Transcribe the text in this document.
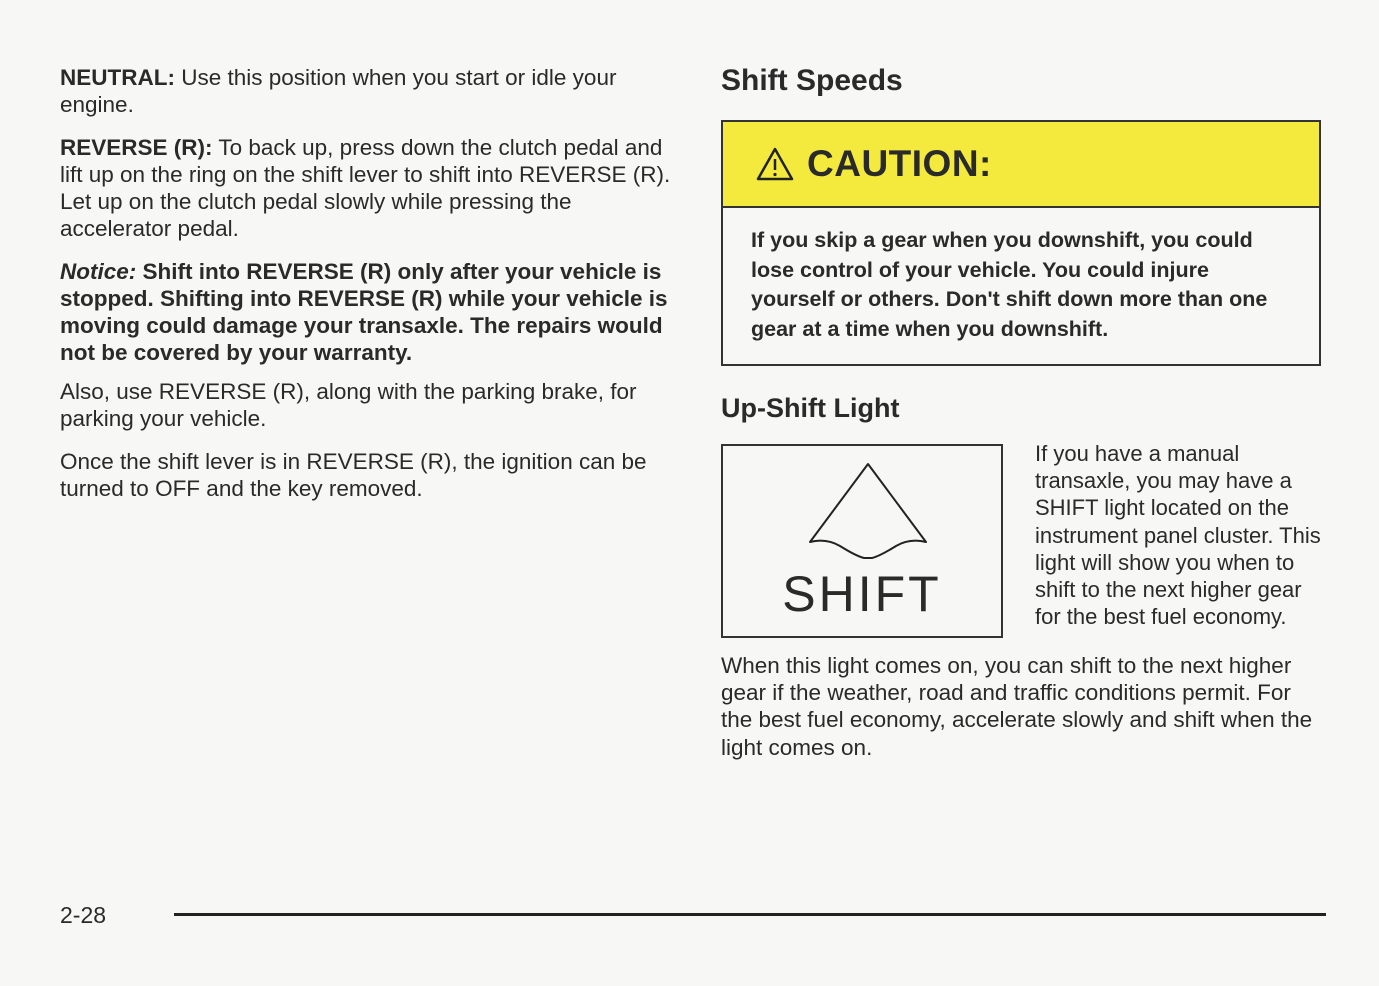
NEUTRAL: Use this position when you start or idle your engine.

REVERSE (R): To back up, press down the clutch pedal and lift up on the ring on the shift lever to shift into REVERSE (R). Let up on the clutch pedal slowly while pressing the accelerator pedal.

Notice: Shift into REVERSE (R) only after your vehicle is stopped. Shifting into REVERSE (R) while your vehicle is moving could damage your transaxle. The repairs would not be covered by your warranty.

Also, use REVERSE (R), along with the parking brake, for parking your vehicle.

Once the shift lever is in REVERSE (R), the ignition can be turned to OFF and the key removed.

Shift Speeds
CAUTION:

If you skip a gear when you downshift, you could lose control of your vehicle. You could injure yourself or others. Don't shift down more than one gear at a time when you downshift.

Up-Shift Light
SHIFT

If you have a manual transaxle, you may have a SHIFT light located on the instrument panel cluster. This light will show you when to shift to the next higher gear for the best fuel economy.

When this light comes on, you can shift to the next higher gear if the weather, road and traffic conditions permit. For the best fuel economy, accelerate slowly and shift when the light comes on.

2-28
